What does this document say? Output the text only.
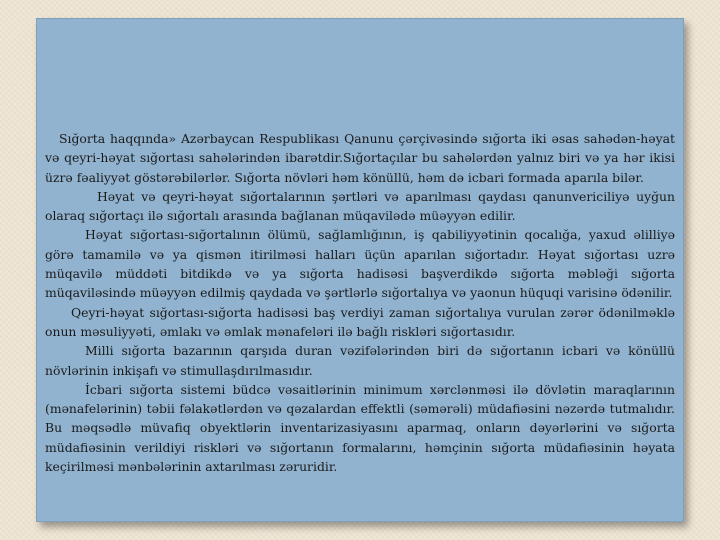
Sığorta haqqında» Azərbaycan Respublikası Qanunu çərçivəsində sığorta iki əsas sahədən-həyat və qeyri-həyat sığortası sahələrindən ibarətdir.Sığortaçılar bu sahələrdən yalnız biri və ya hər ikisi üzrə fəaliyyət göstərəbilərlər. Sığorta növləri həm könüllü, həm də icbari formada aparıla bilər.

Həyat və qeyri-həyat sığortalarının şərtləri və aparılması qaydası qanunvericiliyə uyğun olaraq sığortaçı ilə sığortalı arasında bağlanan müqavilədə müəyyən edilir.

Həyat sığortası-sığortalının ölümü, sağlamlığının, iş qabiliyyətinin qocalığa, yaxud əlilliyə görə tamamilə və ya qismən itirilməsi halları üçün aparılan sığortadır. Həyat sığortası uzrə müqavilə müddəti bitdikdə və ya sığorta hadisəsi başverdikdə sığorta məbləği sığorta müqaviləsində müəyyən edilmiş qaydada və şərtlərlə sığortalıya və yaonun hüquqi varisinə ödənilir.

Qeyri-həyat sığortası-sığorta hadisəsi baş verdiyi zaman sığortalıya vurulan zərər ödənilməklə onun məsuliyyəti, əmlakı və əmlak mənafeləri ilə bağlı riskləri sığortasıdır.

Milli sığorta bazarının qarşıda duran vəzifələrindən biri də sığortanın icbari və könüllü növlərinin inkişafı və stimullaşdırılmasıdır.

İcbari sığorta sistemi büdcə vəsaitlərinin minimum xərclənməsi ilə dövlətin maraqlarının (mənafelərinin) təbii fəlakətlərdən və qəzalardan effektli (səmərəli) müdafiəsini nəzərdə tutmalıdır. Bu məqsədlə müvafiq obyektlərin inventarizasiyasını aparmaq, onların dəyərlərini və sığorta müdafiəsinin verildiyi riskləri və sığortanın formalarını, həmçinin sığorta müdafiəsinin həyata keçirilməsi mənbələrinin axtarılması zəruridir.
